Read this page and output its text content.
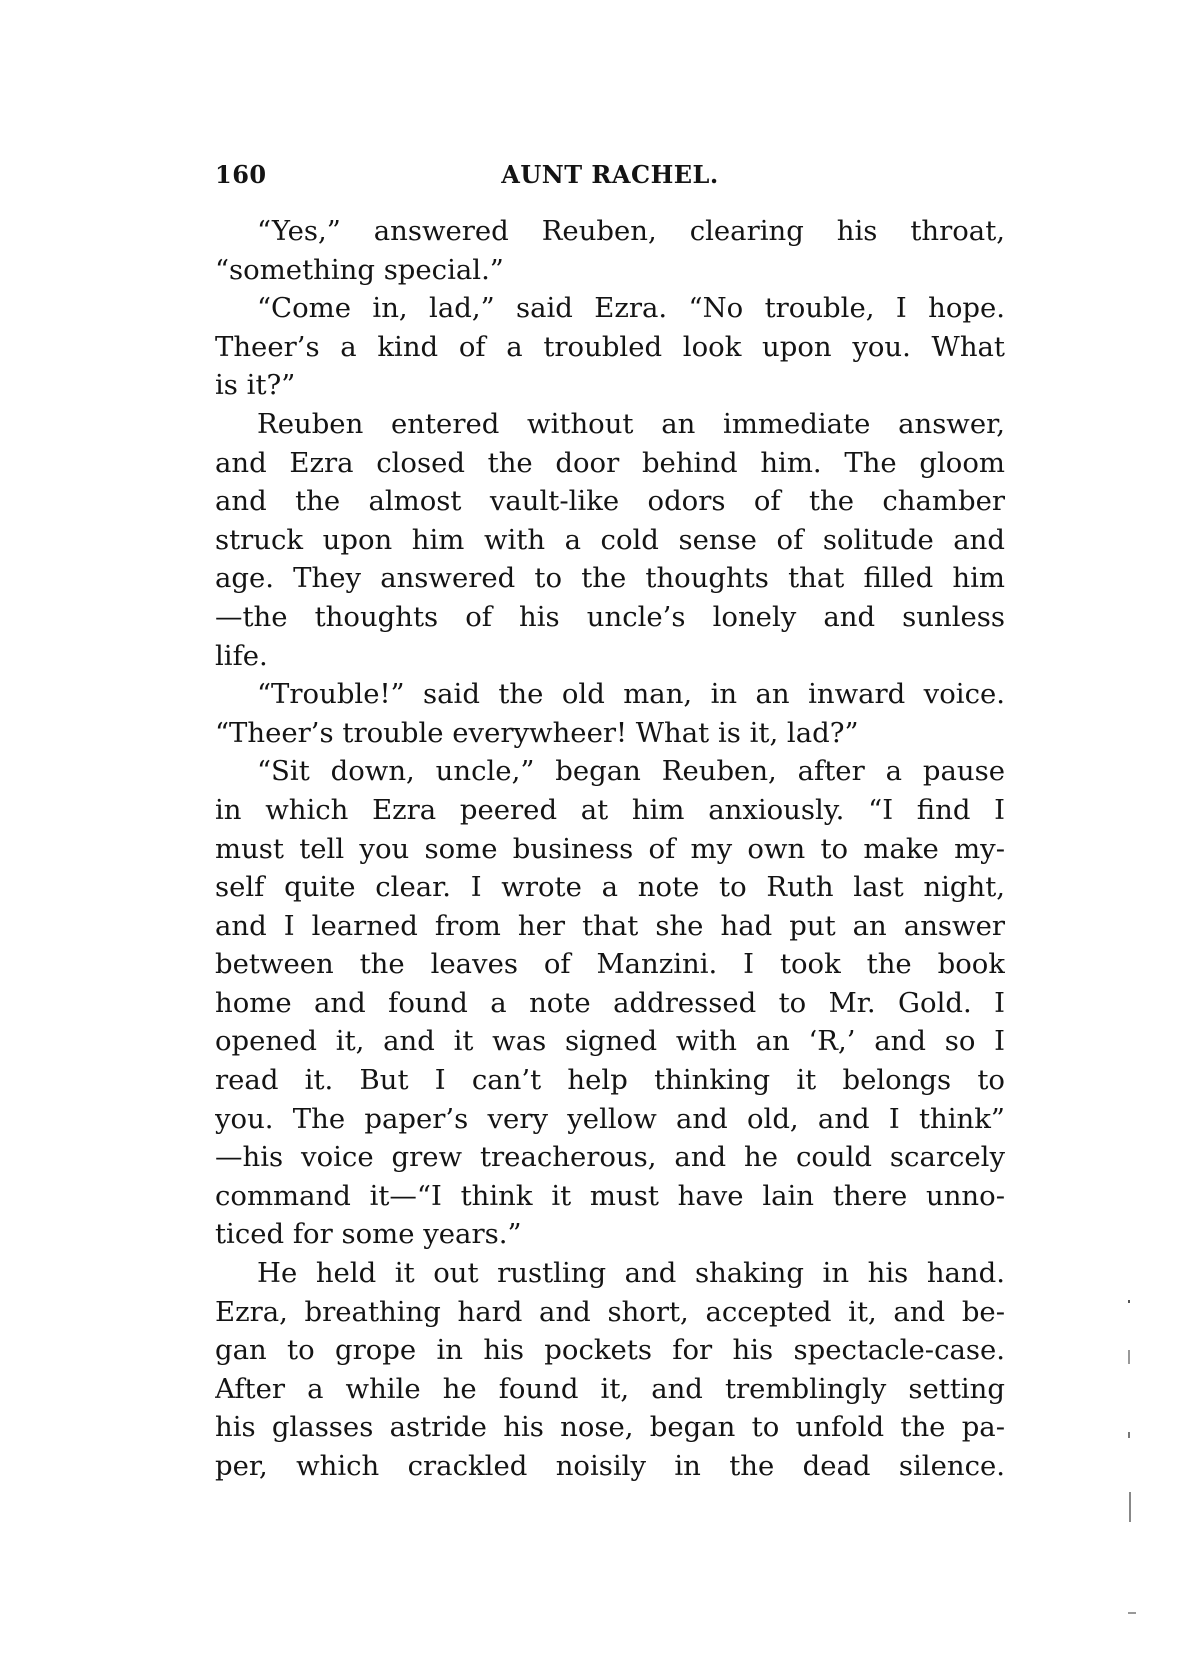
160	AUNT RACHEL.
“Yes,” answered Reuben, clearing his throat,
“something special.”
“Come in, lad,” said Ezra. “No trouble, I hope.
Theer’s a kind of a troubled look upon you. What
is it?”
Reuben entered without an immediate answer,
and Ezra closed the door behind him. The gloom
and the almost vault-like odors of the chamber
struck upon him with a cold sense of solitude and
age. They answered to the thoughts that filled him
—the thoughts of his uncle’s lonely and sunless
life.
“Trouble!” said the old man, in an inward voice.
“Theer’s trouble everywheer! What is it, lad?”
“Sit down, uncle,” began Reuben, after a pause
in which Ezra peered at him anxiously. “I find I
must tell you some business of my own to make my-
self quite clear. I wrote a note to Ruth last night,
and I learned from her that she had put an answer
between the leaves of Manzini. I took the book
home and found a note addressed to Mr. Gold. I
opened it, and it was signed with an ‘R,’ and so I
read it. But I can’t help thinking it belongs to
you. The paper’s very yellow and old, and I think”
—his voice grew treacherous, and he could scarcely
command it—“I think it must have lain there unno-
ticed for some years.”
He held it out rustling and shaking in his hand.
Ezra, breathing hard and short, accepted it, and be-
gan to grope in his pockets for his spectacle-case.
After a while he found it, and tremblingly setting
his glasses astride his nose, began to unfold the pa-
per, which crackled noisily in the dead silence.
